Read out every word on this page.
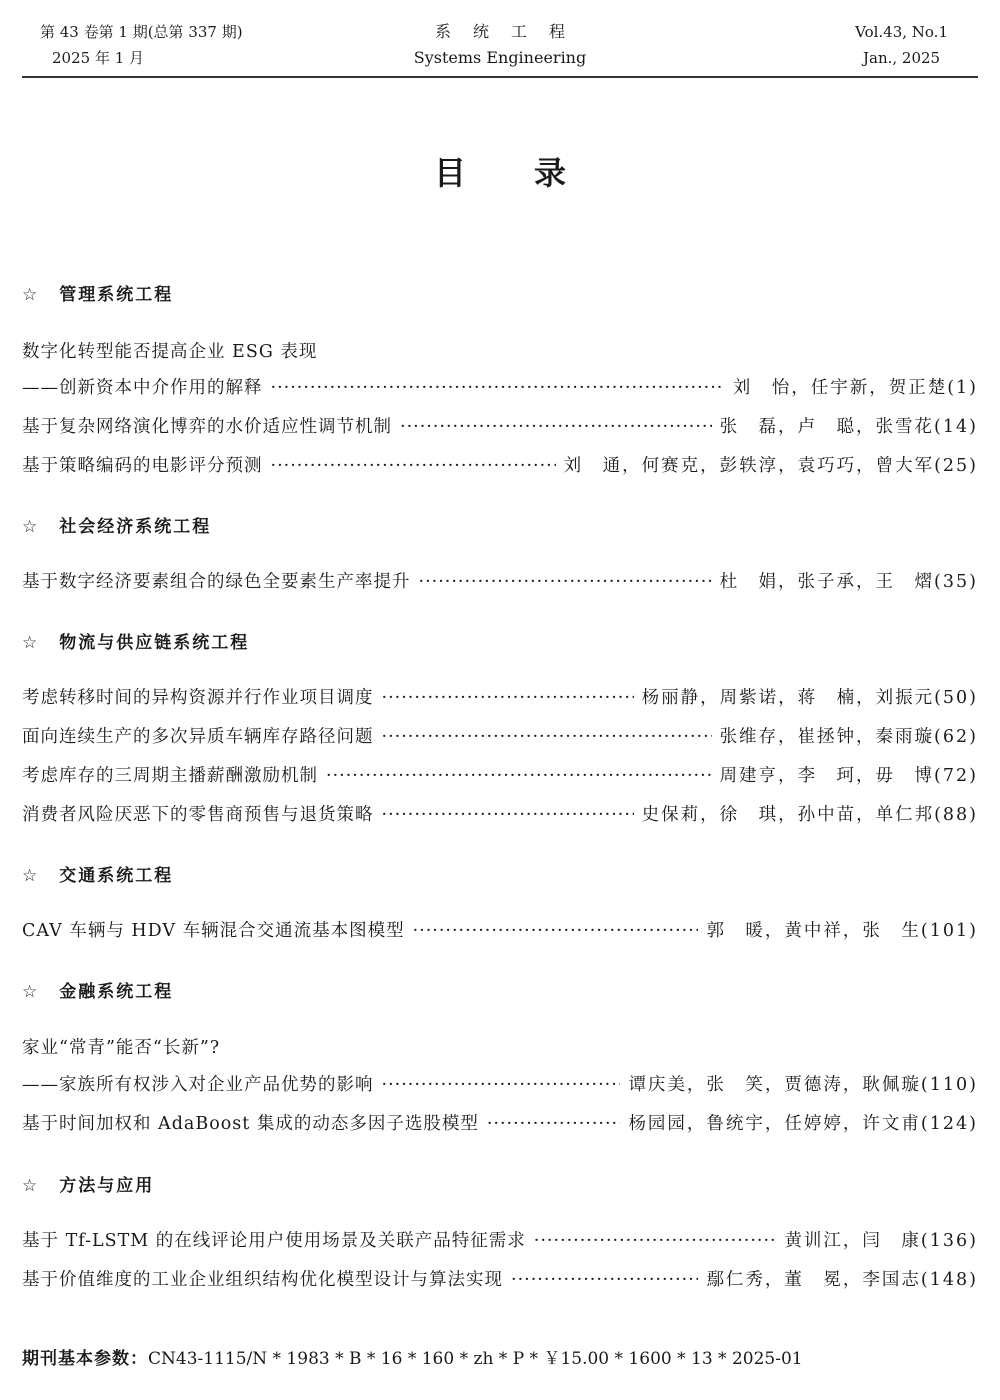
第 43 卷第 1 期(总第 337 期)
2025 年 1 月
系统工程
Systems Engineering
Vol.43, No.1
Jan., 2025
目 录
☆ 管理系统工程
数字化转型能否提高企业 ESG 表现
——创新资本中介作用的解释 ·····	刘　怡，任宇新，贺正楚(1)
基于复杂网络演化博弈的水价适应性调节机制 ·····	张　磊，卢　聪，张雪花(14)
基于策略编码的电影评分预测 ·····	刘　通，何赛克，彭轶淳，袁巧巧，曾大军(25)
☆ 社会经济系统工程
基于数字经济要素组合的绿色全要素生产率提升 ·····	杜　娟，张子承，王　熠(35)
☆ 物流与供应链系统工程
考虑转移时间的异构资源并行作业项目调度 ·····	杨丽静，周紫诺，蒋　楠，刘振元(50)
面向连续生产的多次异质车辆库存路径问题 ·····	张维存，崔拯钟，秦雨璇(62)
考虑库存的三周期主播薪酬激励机制 ·····	周建亨，李　珂，毋　博(72)
消费者风险厌恶下的零售商预售与退货策略 ·····	史保莉，徐　琪，孙中苗，单仁邦(88)
☆ 交通系统工程
CAV 车辆与 HDV 车辆混合交通流基本图模型 ·····	郭　暖，黄中祥，张　生(101)
☆ 金融系统工程
家业“常青”能否“长新”?
——家族所有权涉入对企业产品优势的影响 ·····	谭庆美，张　笑，贾德涛，耿佩璇(110)
基于时间加权和 AdaBoost 集成的动态多因子选股模型 ·····	杨园园，鲁统宇，任婷婷，许文甫(124)
☆ 方法与应用
基于 Tf-LSTM 的在线评论用户使用场景及关联产品特征需求 ·····	黄训江，闫　康(136)
基于价值维度的工业企业组织结构优化模型设计与算法实现 ·····	鄢仁秀，董　冕，李国志(148)
期刊基本参数：CN43-1115/N * 1983 * B * 16 * 160 * zh * P * ￥15.00 * 1600 * 13 * 2025-01
